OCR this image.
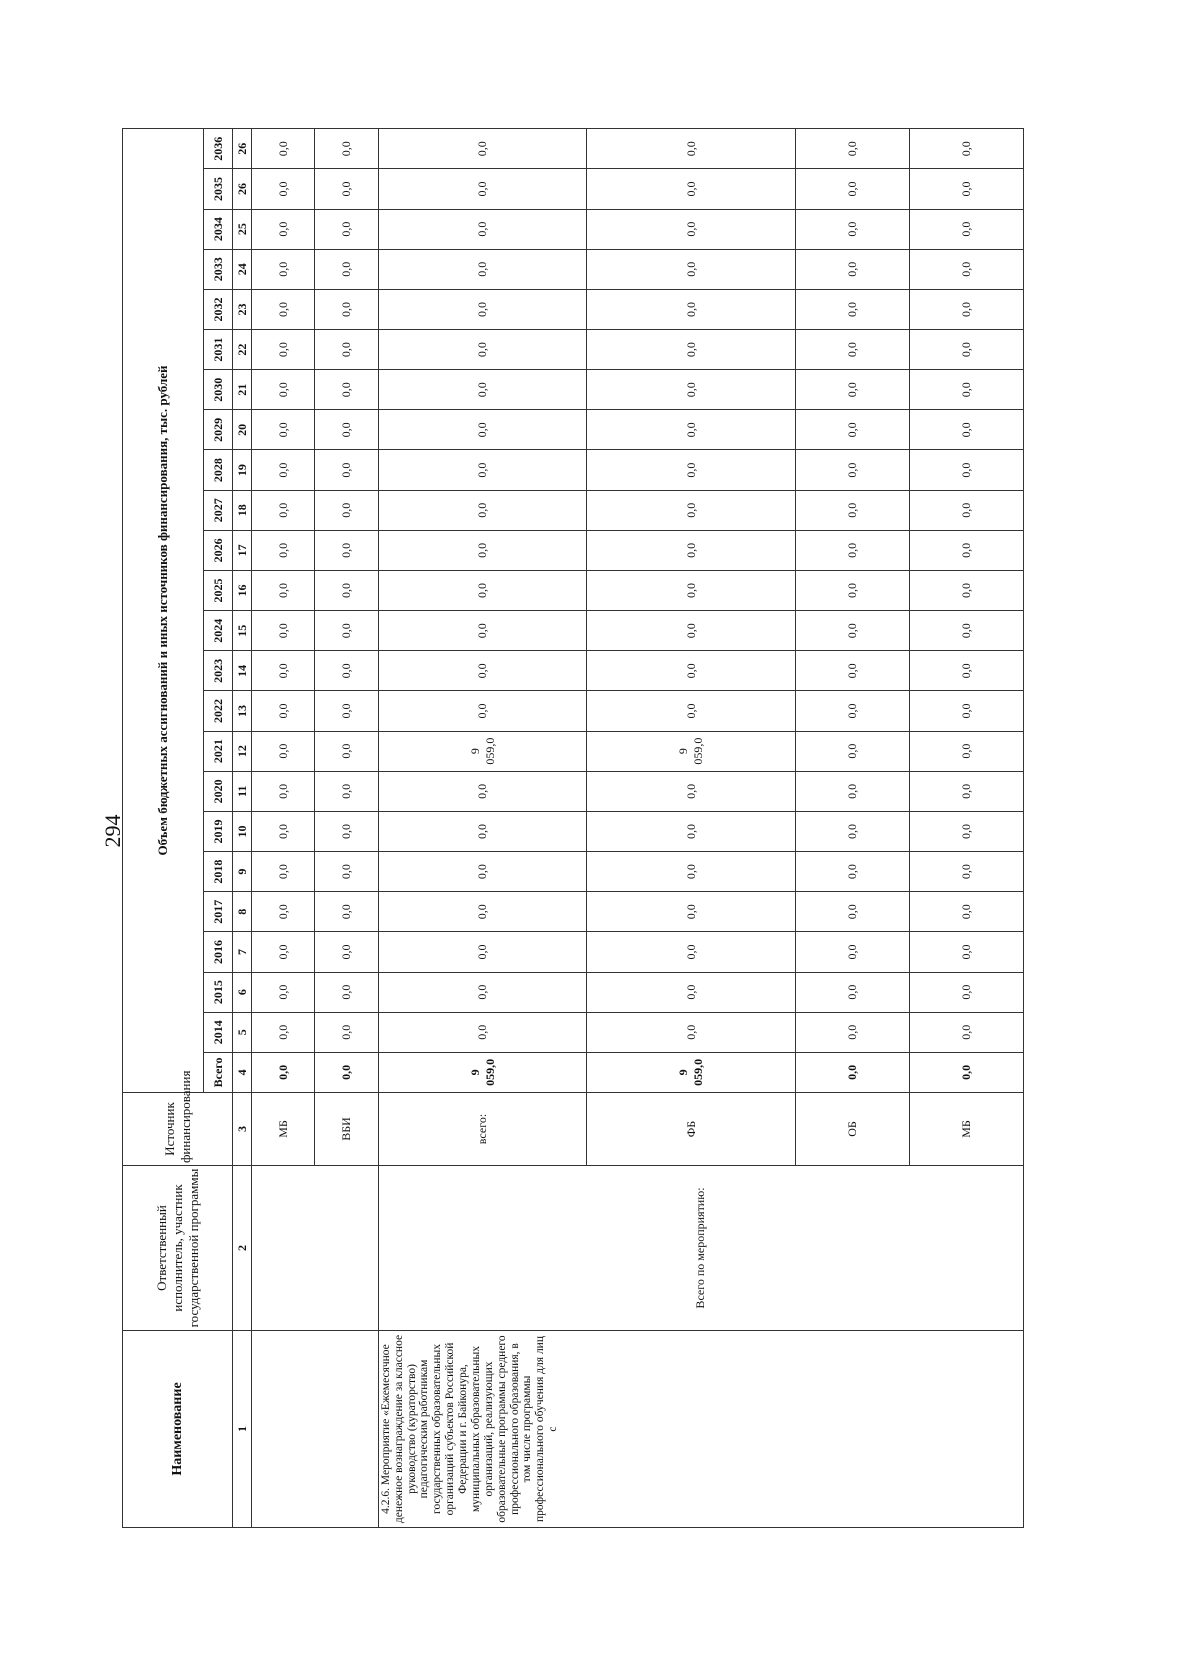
294
Наименование	Ответственный исполнитель, участник государственной программы	Источник финансирования	Объем бюджетных ассигнований и иных источников финансирования, тыс. рублей																							
			Всего	2014	2015	2016	2017	2018	2019	2020	2021	2022	2023	2024	2025	2026	2027	2028	2029	2030	2031	2032	2033	2034	2035	2036
1	2	3	4	5	6	7	8	9	10	11	12	13	14	15	16	17	18	19	20	21	22	23	24	25	26	26
		МБ	0,0	0,0	0,0	0,0	0,0	0,0	0,0	0,0	0,0	0,0	0,0	0,0	0,0	0,0	0,0	0,0	0,0	0,0	0,0	0,0	0,0	0,0	0,0	0,0
		ВБИ	0,0	0,0	0,0	0,0	0,0	0,0	0,0	0,0	0,0	0,0	0,0	0,0	0,0	0,0	0,0	0,0	0,0	0,0	0,0	0,0	0,0	0,0	0,0	0,0
4.2.6. Мероприятие «Ежемесячное денежное вознаграждение за классное руководство (кураторство) педагогическим работникам государственных образовательных организаций субъектов Российской Федерации и г. Байконура, муниципальных образовательных организаций, реализующих образовательные программы среднего профессионального образования, в том числе программы профессионального обучения для лиц с	Всего по мероприятию:	всего:	9 059,0	0,0	0,0	0,0	0,0	0,0	0,0	0,0	9 059,0	0,0	0,0	0,0	0,0	0,0	0,0	0,0	0,0	0,0	0,0	0,0	0,0	0,0	0,0	0,0
		ФБ	9 059,0	0,0	0,0	0,0	0,0	0,0	0,0	0,0	9 059,0	0,0	0,0	0,0	0,0	0,0	0,0	0,0	0,0	0,0	0,0	0,0	0,0	0,0	0,0	0,0
		ОБ	0,0	0,0	0,0	0,0	0,0	0,0	0,0	0,0	0,0	0,0	0,0	0,0	0,0	0,0	0,0	0,0	0,0	0,0	0,0	0,0	0,0	0,0	0,0	0,0
		МБ	0,0	0,0	0,0	0,0	0,0	0,0	0,0	0,0	0,0	0,0	0,0	0,0	0,0	0,0	0,0	0,0	0,0	0,0	0,0	0,0	0,0	0,0	0,0	0,0
